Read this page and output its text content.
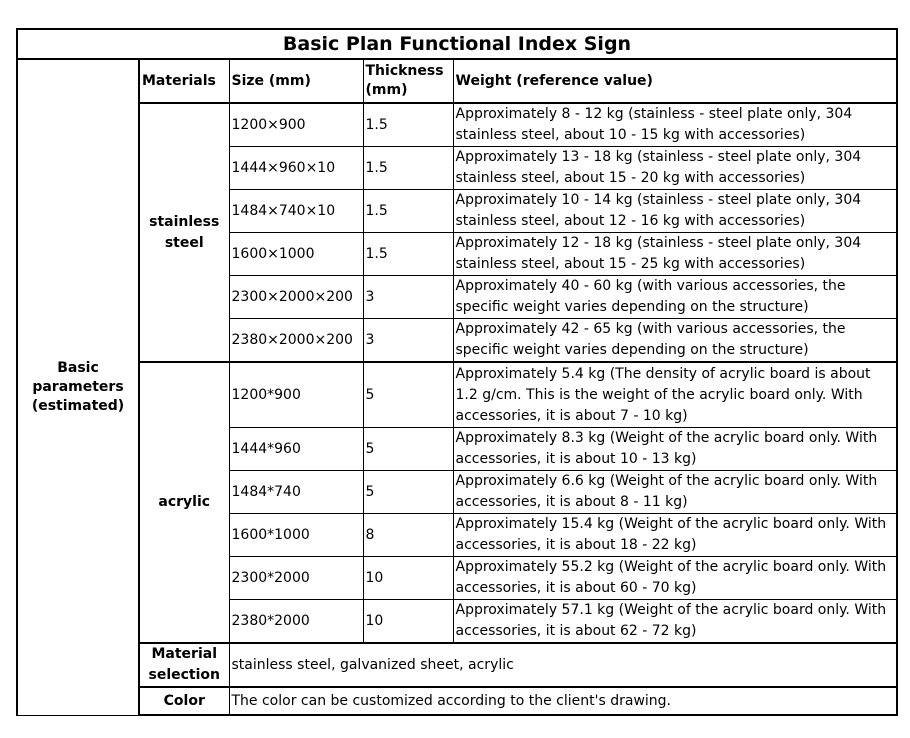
Basic Plan Functional Index Sign				
Basic parameters (estimated)	Materials	Size (mm)	Thickness (mm)	Weight (reference value)
	stainless steel	1200×900	1.5	Approximately 8 - 12 kg (stainless - steel plate only, 304 stainless steel, about 10 - 15 kg with accessories)
		1444×960×10	1.5	Approximately 13 - 18 kg (stainless - steel plate only, 304 stainless steel, about 15 - 20 kg with accessories)
		1484×740×10	1.5	Approximately 10 - 14 kg (stainless - steel plate only, 304 stainless steel, about 12 - 16 kg with accessories)
		1600×1000	1.5	Approximately 12 - 18 kg (stainless - steel plate only, 304 stainless steel, about 15 - 25 kg with accessories)
		2300×2000×200	3	Approximately 40 - 60 kg (with various accessories, the specific weight varies depending on the structure)
		2380×2000×200	3	Approximately 42 - 65 kg (with various accessories, the specific weight varies depending on the structure)
	acrylic	1200*900	5	Approximately 5.4 kg (The density of acrylic board is about 1.2 g/cm. This is the weight of the acrylic board only. With accessories, it is about 7 - 10 kg)
		1444*960	5	Approximately 8.3 kg (Weight of the acrylic board only. With accessories, it is about 10 - 13 kg)
		1484*740	5	Approximately 6.6 kg (Weight of the acrylic board only. With accessories, it is about 8 - 11 kg)
		1600*1000	8	Approximately 15.4 kg (Weight of the acrylic board only. With accessories, it is about 18 - 22 kg)
		2300*2000	10	Approximately 55.2 kg (Weight of the acrylic board only. With accessories, it is about 60 - 70 kg)
		2380*2000	10	Approximately 57.1 kg (Weight of the acrylic board only. With accessories, it is about 62 - 72 kg)
	Material selection	stainless steel, galvanized sheet, acrylic		
	Color	The color can be customized according to the client's drawing.		
